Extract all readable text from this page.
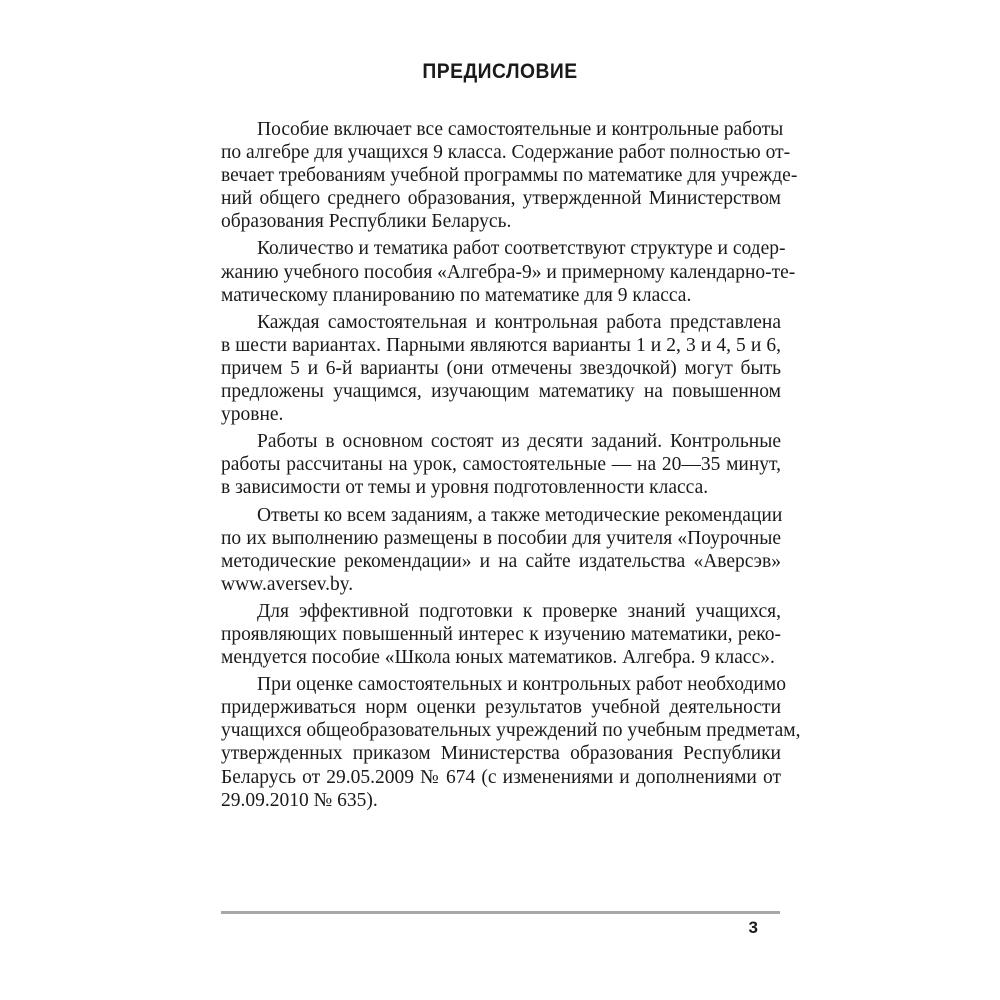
ПРЕДИСЛОВИЕ
Пособие включает все самостоятельные и контрольные работы
по алгебре для учащихся 9 класса. Содержание работ полностью от-
вечает требованиям учебной программы по математике для учрежде-
ний общего среднего образования, утвержденной Министерством
образования Республики Беларусь.
Количество и тематика работ соответствуют структуре и содер-
жанию учебного пособия «Алгебра-9» и примерному календарно-те-
матическому планированию по математике для 9 класса.
Каждая самостоятельная и контрольная работа представлена
в шести вариантах. Парными являются варианты 1 и 2, 3 и 4, 5 и 6,
причем 5 и 6-й варианты (они отмечены звездочкой) могут быть
предложены учащимся, изучающим математику на повышенном
уровне.
Работы в основном состоят из десяти заданий. Контрольные
работы рассчитаны на урок, самостоятельные — на 20—35 минут,
в зависимости от темы и уровня подготовленности класса.
Ответы ко всем заданиям, а также методические рекомендации
по их выполнению размещены в пособии для учителя «Поурочные
методические рекомендации» и на сайте издательства «Аверсэв»
www.aversev.by.
Для эффективной подготовки к проверке знаний учащихся,
проявляющих повышенный интерес к изучению математики, реко-
мендуется пособие «Школа юных математиков. Алгебра. 9 класс».
При оценке самостоятельных и контрольных работ необходимо
придерживаться норм оценки результатов учебной деятельности
учащихся общеобразовательных учреждений по учебным предметам,
утвержденных приказом Министерства образования Республики
Беларусь от 29.05.2009 № 674 (с изменениями и дополнениями от
29.09.2010 № 635).
3
